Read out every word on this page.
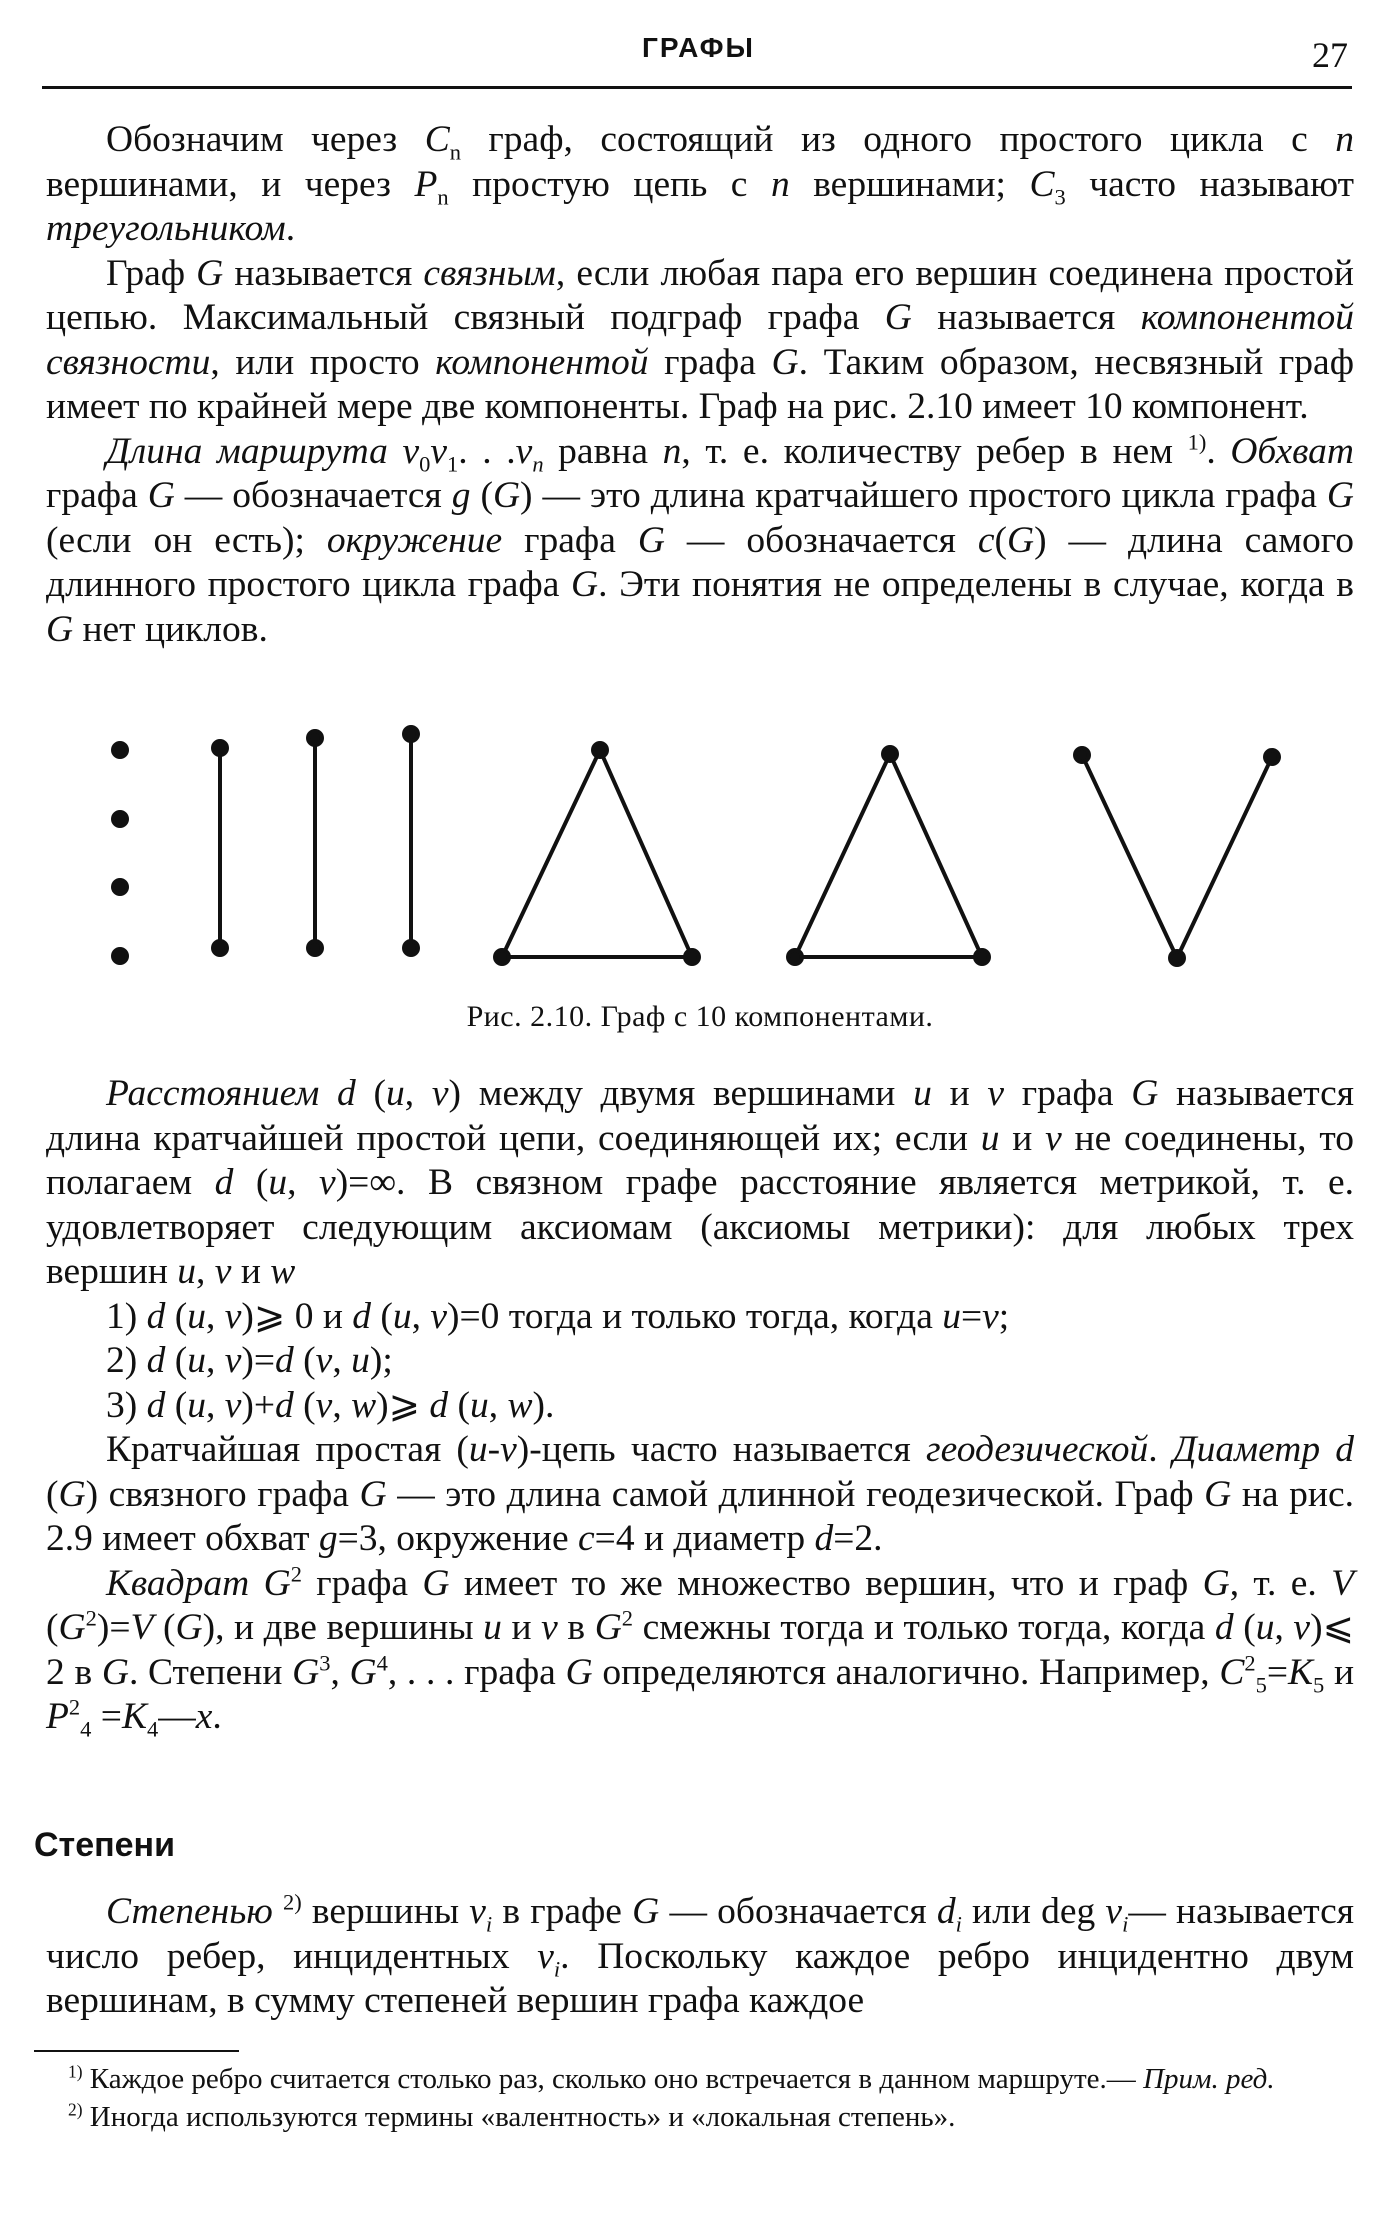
ГРАФЫ	27

Обозначим через $C_n$ граф, состоящий из одного простого цикла с n вершинами, и через $P_n$ простую цепь с n вершинами; $C_3$ часто называют треугольником.

Граф G называется связным, если любая пара его вершин соединена простой цепью. Максимальный связный подграф графа G называется компонентой связности, или просто компонентой графа G. Таким образом, несвязный граф имеет по крайней мере две компоненты. Граф на рис. 2.10 имеет 10 компонент.

Длина маршрута $v_0v_1$. . $.v_n$ равна n, т. е. количеству ребер в нем $^{1)}$. Обхват графа G — обозначается g (G) — это длина кратчайшего простого цикла графа G (если он есть); окружение графа G — обозначается c(G) — длина самого длинного простого цикла графа G. Эти понятия не определены в случае, когда в G нет циклов.

Рис. 2.10. Граф с 10 компонентами.

Расстоянием d (u, v) между двумя вершинами u и v графа G называется длина кратчайшей простой цепи, соединяющей их; если u и v не соединены, то полагаем d (u, v)=∞. В связном графе расстояние является метрикой, т. е. удовлетворяет следующим аксиомам (аксиомы метрики): для любых трех вершин u, v и w

1) d (u, v)⩾ 0 и d (u, v)=0 тогда и только тогда, когда u=v;

2) d (u, v)=d (v, u);

3) d (u, v)+d (v, w)⩾ d (u, w).

Кратчайшая простая (u-v)-цепь часто называется геодезической. Диаметр d (G) связного графа G — это длина самой длинной геодезической. Граф G на рис. 2.9 имеет обхват g=3, окружение c=4 и диаметр d=2.

Квадрат $G^2$ графа G имеет то же множество вершин, что и граф G, т. е. V $(G^2)=V$ (G), и две вершины u и v в $G^2$ смежны тогда и только тогда, когда d (u, v)⩽ 2 в G. Степени $G^3$, $G^4$, . . . графа G определяются аналогично. Например, $C^2_5=K_5$ и $P^2_4$ $=K_4—x$.

Степени

Степенью $^{2)}$ вершины $v_i$ в графе G — обозначается $d_i$ или deg $v_i—$ называется число ребер, инцидентных $v_i$. Поскольку каждое ребро инцидентно двум вершинам, в сумму степеней вершин графа каждое

$^{1)}$ Каждое ребро считается столько раз, сколько оно встречается в данном маршруте.— Прим. ред.

$^{2)}$ Иногда используются термины «валентность» и «локальная степень».
